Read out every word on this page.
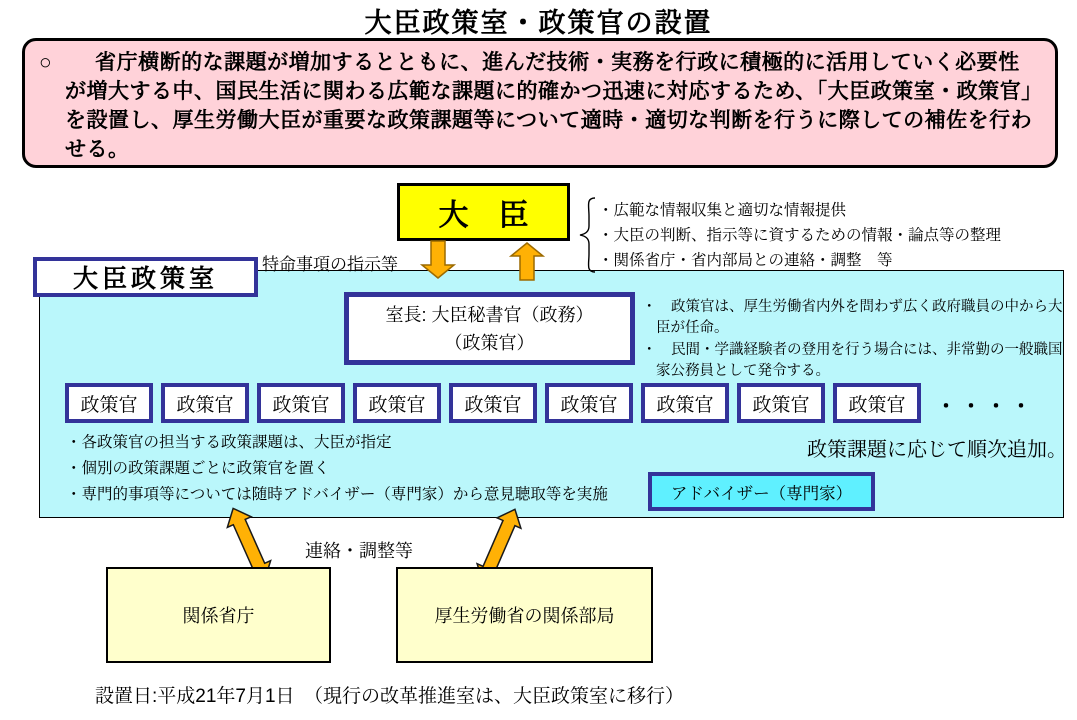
大臣政策室・政策官の設置

○　　省庁横断的な課題が増加するとともに、進んだ技術・実務を行政に積極的に活用していく必要性が増大する中、国民生活に関わる広範な課題に的確かつ迅速に対応するため、「大臣政策室・政策官」を設置し、厚生労働大臣が重要な政策課題等について適時・適切な判断を行うに際しての補佐を行わせる。

大　臣
特命事項の指示等
・広範な情報収集と適切な情報提供
・大臣の判断、指示等に資するための情報・論点等の整理
・関係省庁・省内部局との連絡・調整　等
大臣政策室
室長: 大臣秘書官（政務）
（政策官）
・　政策官は、厚生労働省内外を問わず広く政府職員の中から大臣が任命。
・　民間・学識経験者の登用を行う場合には、非常勤の一般職国家公務員として発令する。
政策官 政策官 政策官 政策官 政策官 政策官 政策官 政策官 政策官 ・・・・
・各政策官の担当する政策課題は、大臣が指定
・個別の政策課題ごとに政策官を置く
・専門的事項等については随時アドバイザー（専門家）から意見聴取等を実施
政策課題に応じて順次追加。
アドバイザー（専門家）
連絡・調整等
関係省庁	厚生労働省の関係部局
設置日:平成21年7月1日　（現行の改革推進室は、大臣政策室に移行）
